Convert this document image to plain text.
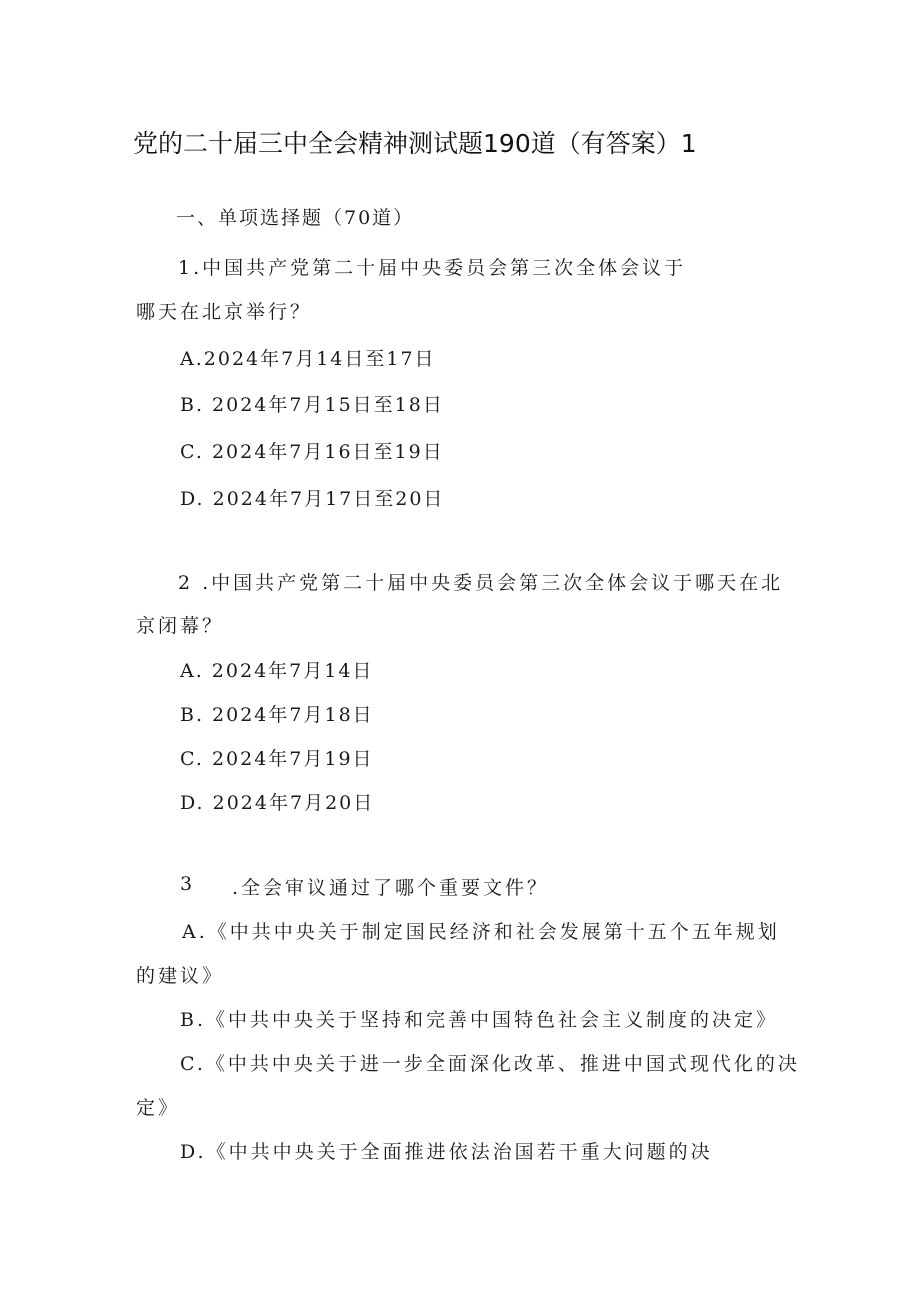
党的二十届三中全会精神测试题190道（有答案）1
一、单项选择题（70道）
1.中国共产党第二十届中央委员会第三次全体会议于
哪天在北京举行？
A.2024年7月14日至17日
B. 2024年7月15日至18日
C. 2024年7月16日至19日
D. 2024年7月17日至20日
2 .中国共产党第二十届中央委员会第三次全体会议于哪天在北
京闭幕？
A. 2024年7月14日
B. 2024年7月18日
C. 2024年7月19日
D. 2024年7月20日
3 .全会审议通过了哪个重要文件？
A.《中共中央关于制定国民经济和社会发展第十五个五年规划
的建议》
B.《中共中央关于坚持和完善中国特色社会主义制度的决定》
C.《中共中央关于进一步全面深化改革、推进中国式现代化的决
定》
D.《中共中央关于全面推进依法治国若干重大问题的决
